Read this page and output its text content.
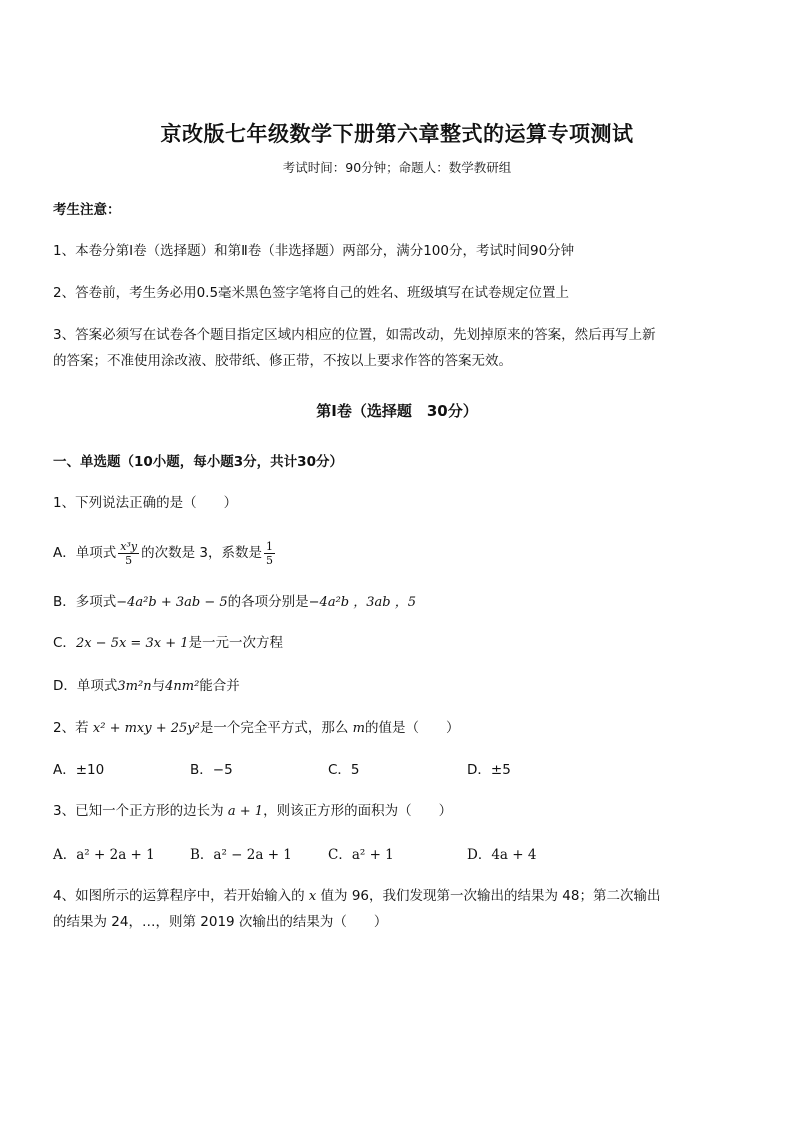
京改版七年级数学下册第六章整式的运算专项测试
考试时间：90分钟；命题人：数学教研组
考生注意：
1、本卷分第Ⅰ卷（选择题）和第Ⅱ卷（非选择题）两部分，满分100分，考试时间90分钟
2、答卷前，考生务必用0.5毫米黑色签字笔将自己的姓名、班级填写在试卷规定位置上
3、答案必须写在试卷各个题目指定区域内相应的位置，如需改动，先划掉原来的答案，然后再写上新
的答案；不准使用涂改液、胶带纸、修正带，不按以上要求作答的答案无效。
第Ⅰ卷（选择题　30分）
一、单选题（10小题，每小题3分，共计30分）
1、下列说法正确的是（　　）
A．单项式 $\frac{\text{x³y}}{5}$ 的次数是 3，系数是 $\frac{1}{5}$
B．多项式−4a²b + 3ab − 5的各项分别是−4a²b ，3ab ，5
C．2x − 5x = 3x + 1是一元一次方程
D．单项式3m²n与4nm²能合并
2、若 x² + mxy + 25y²是一个完全平方式，那么 m的值是（　　）
A．±10	B．−5	C．5	D．±5
3、已知一个正方形的边长为 a + 1，则该正方形的面积为（　　）
A．a² + 2a + 1	B．a² − 2a + 1	C．a² + 1	D．4a + 4
4、如图所示的运算程序中，若开始输入的 x 值为 96，我们发现第一次输出的结果为 48；第二次输出
的结果为 24，…，则第 2019 次输出的结果为（　　）
